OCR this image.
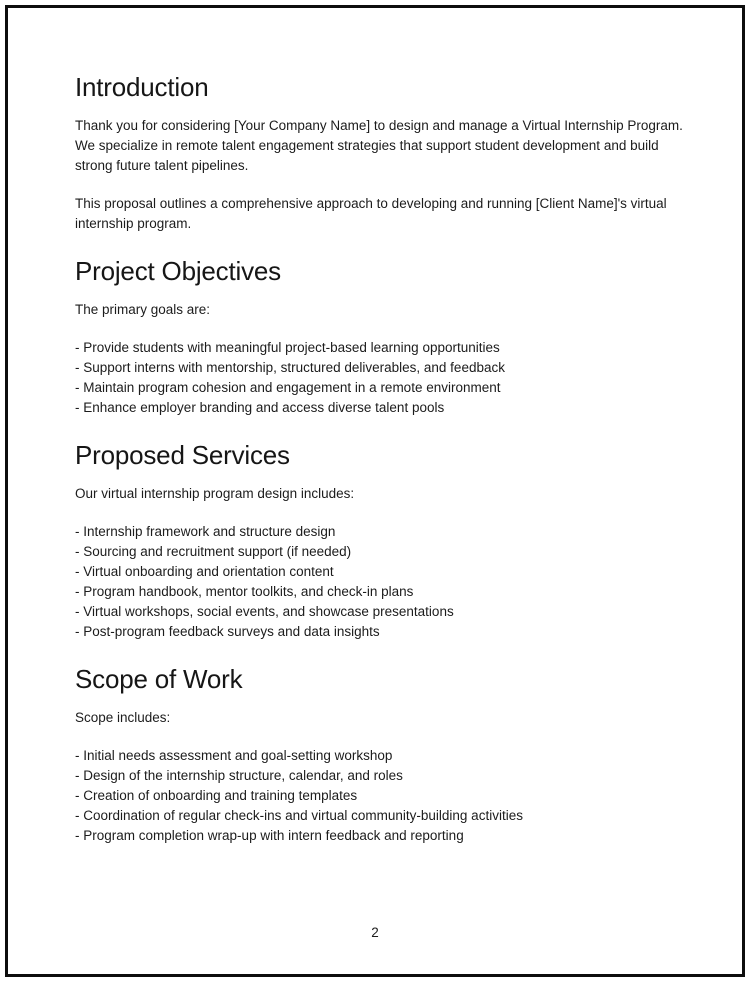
Introduction

Thank you for considering [Your Company Name] to design and manage a Virtual Internship Program.
We specialize in remote talent engagement strategies that support student development and build
strong future talent pipelines.

This proposal outlines a comprehensive approach to developing and running [Client Name]'s virtual
internship program.

Project Objectives

The primary goals are:

- Provide students with meaningful project-based learning opportunities
- Support interns with mentorship, structured deliverables, and feedback
- Maintain program cohesion and engagement in a remote environment
- Enhance employer branding and access diverse talent pools
Proposed Services

Our virtual internship program design includes:

- Internship framework and structure design
- Sourcing and recruitment support (if needed)
- Virtual onboarding and orientation content
- Program handbook, mentor toolkits, and check-in plans
- Virtual workshops, social events, and showcase presentations
- Post-program feedback surveys and data insights
Scope of Work

Scope includes:

- Initial needs assessment and goal-setting workshop
- Design of the internship structure, calendar, and roles
- Creation of onboarding and training templates
- Coordination of regular check-ins and virtual community-building activities
- Program completion wrap-up with intern feedback and reporting
2
